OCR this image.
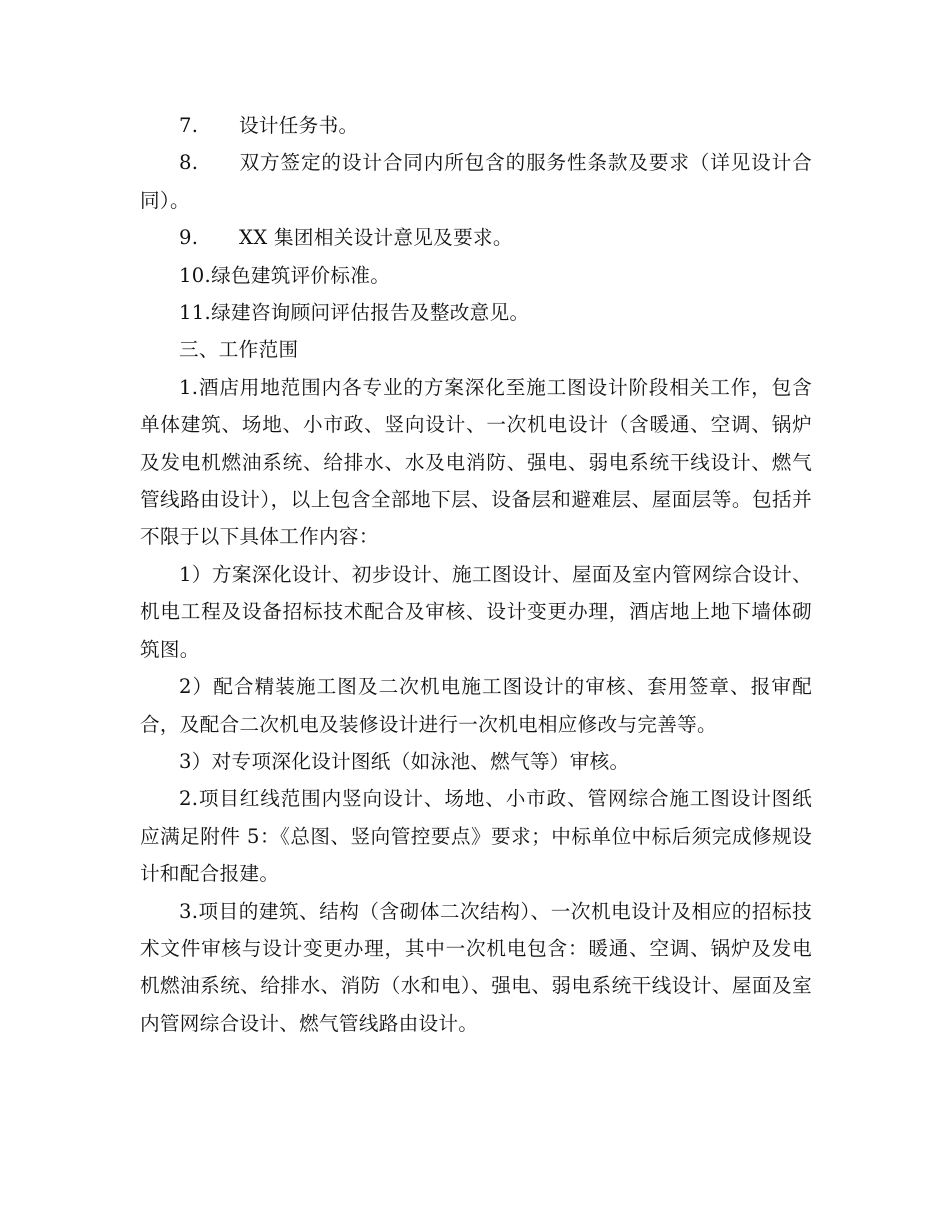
7. 设计任务书。

8. 双方签定的设计合同内所包含的服务性条款及要求（详见设计合同）。

9. XX 集团相关设计意见及要求。

10.绿色建筑评价标准。

11.绿建咨询顾问评估报告及整改意见。

三、工作范围

1.酒店用地范围内各专业的方案深化至施工图设计阶段相关工作，包含单体建筑、场地、小市政、竖向设计、一次机电设计（含暖通、空调、锅炉及发电机燃油系统、给排水、水及电消防、强电、弱电系统干线设计、燃气管线路由设计），以上包含全部地下层、设备层和避难层、屋面层等。包括并不限于以下具体工作内容：

1）方案深化设计、初步设计、施工图设计、屋面及室内管网综合设计、机电工程及设备招标技术配合及审核、设计变更办理，酒店地上地下墙体砌筑图。

2）配合精装施工图及二次机电施工图设计的审核、套用签章、报审配合，及配合二次机电及装修设计进行一次机电相应修改与完善等。

3）对专项深化设计图纸（如泳池、燃气等）审核。

2.项目红线范围内竖向设计、场地、小市政、管网综合施工图设计图纸应满足附件 5：《总图、竖向管控要点》要求；中标单位中标后须完成修规设计和配合报建。

3.项目的建筑、结构（含砌体二次结构）、一次机电设计及相应的招标技术文件审核与设计变更办理，其中一次机电包含：暖通、空调、锅炉及发电机燃油系统、给排水、消防（水和电）、强电、弱电系统干线设计、屋面及室内管网综合设计、燃气管线路由设计。
